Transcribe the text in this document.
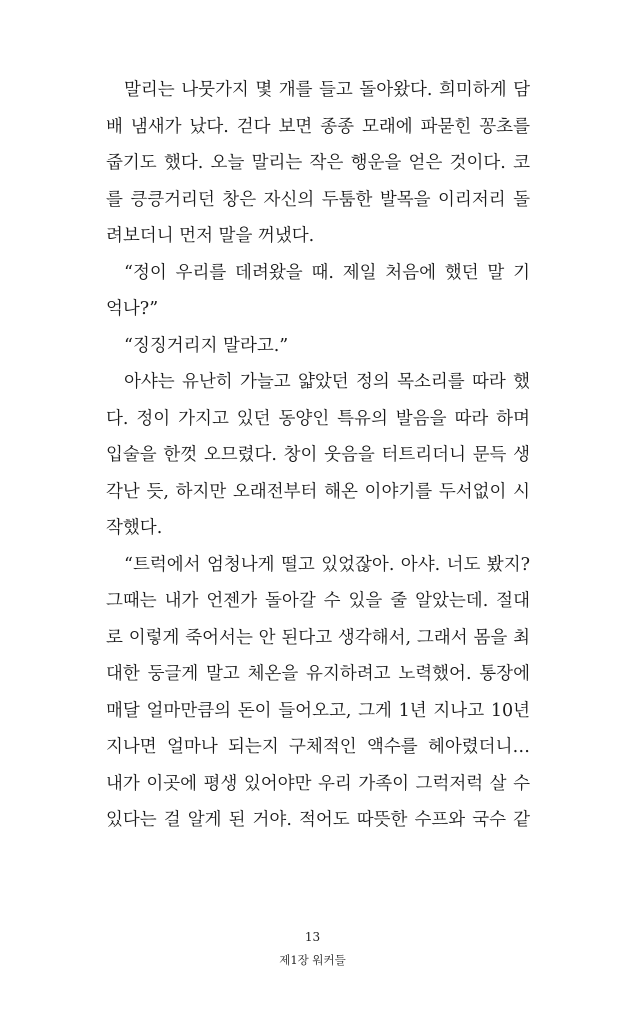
말리는 나뭇가지 몇 개를 들고 돌아왔다. 희미하게 담
배 냄새가 났다. 걷다 보면 종종 모래에 파묻힌 꽁초를
줍기도 했다. 오늘 말리는 작은 행운을 얻은 것이다. 코
를 킁킁거리던 창은 자신의 두툼한 발목을 이리저리 돌
려보더니 먼저 말을 꺼냈다.
“정이 우리를 데려왔을 때. 제일 처음에 했던 말 기
억나?”
“징징거리지 말라고.”
아샤는 유난히 가늘고 얇았던 정의 목소리를 따라 했
다. 정이 가지고 있던 동양인 특유의 발음을 따라 하며
입술을 한껏 오므렸다. 창이 웃음을 터트리더니 문득 생
각난 듯, 하지만 오래전부터 해온 이야기를 두서없이 시
작했다.
“트럭에서 엄청나게 떨고 있었잖아. 아샤. 너도 봤지?
그때는 내가 언젠가 돌아갈 수 있을 줄 알았는데. 절대
로 이렇게 죽어서는 안 된다고 생각해서, 그래서 몸을 최
대한 둥글게 말고 체온을 유지하려고 노력했어. 통장에
매달 얼마만큼의 돈이 들어오고, 그게 1년 지나고 10년
지나면 얼마나 되는지 구체적인 액수를 헤아렸더니…
내가 이곳에 평생 있어야만 우리 가족이 그럭저럭 살 수
있다는 걸 알게 된 거야. 적어도 따뜻한 수프와 국수 같
13
제1장 워커들
